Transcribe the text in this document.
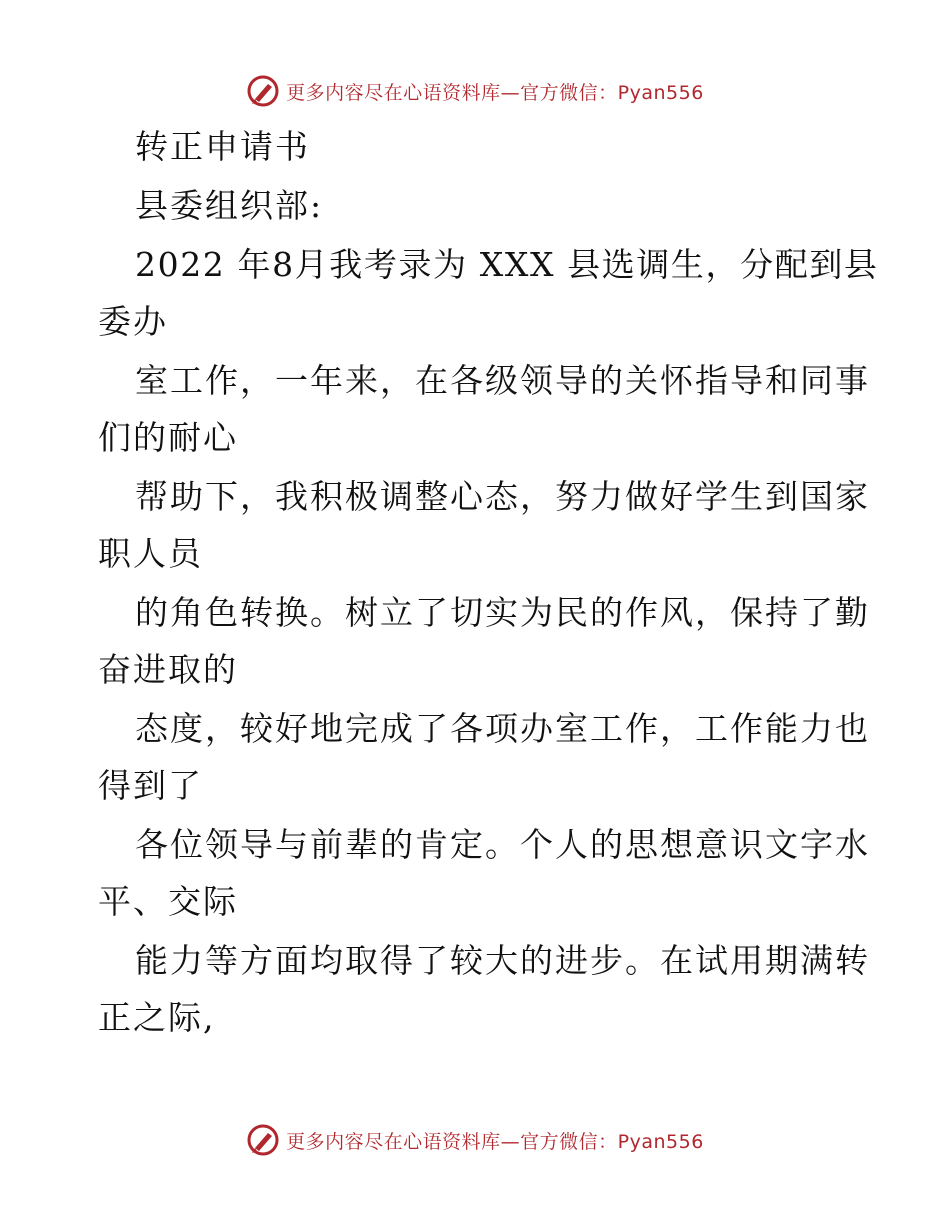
更多内容尽在心语资料库—官方微信：Pyan556
转正申请书
县委组织部:
2022 年8月我考录为 XXX 县选调生，分配到县
委办
室工作，一年来，在各级领导的关怀指导和同事
们的耐心
帮助下，我积极调整心态，努力做好学生到国家
职人员
的角色转换。树立了切实为民的作风，保持了勤
奋进取的
态度，较好地完成了各项办室工作，工作能力也
得到了
各位领导与前辈的肯定。个人的思想意识文字水
平、交际
能力等方面均取得了较大的进步。在试用期满转
正之际,
更多内容尽在心语资料库—官方微信：Pyan556
